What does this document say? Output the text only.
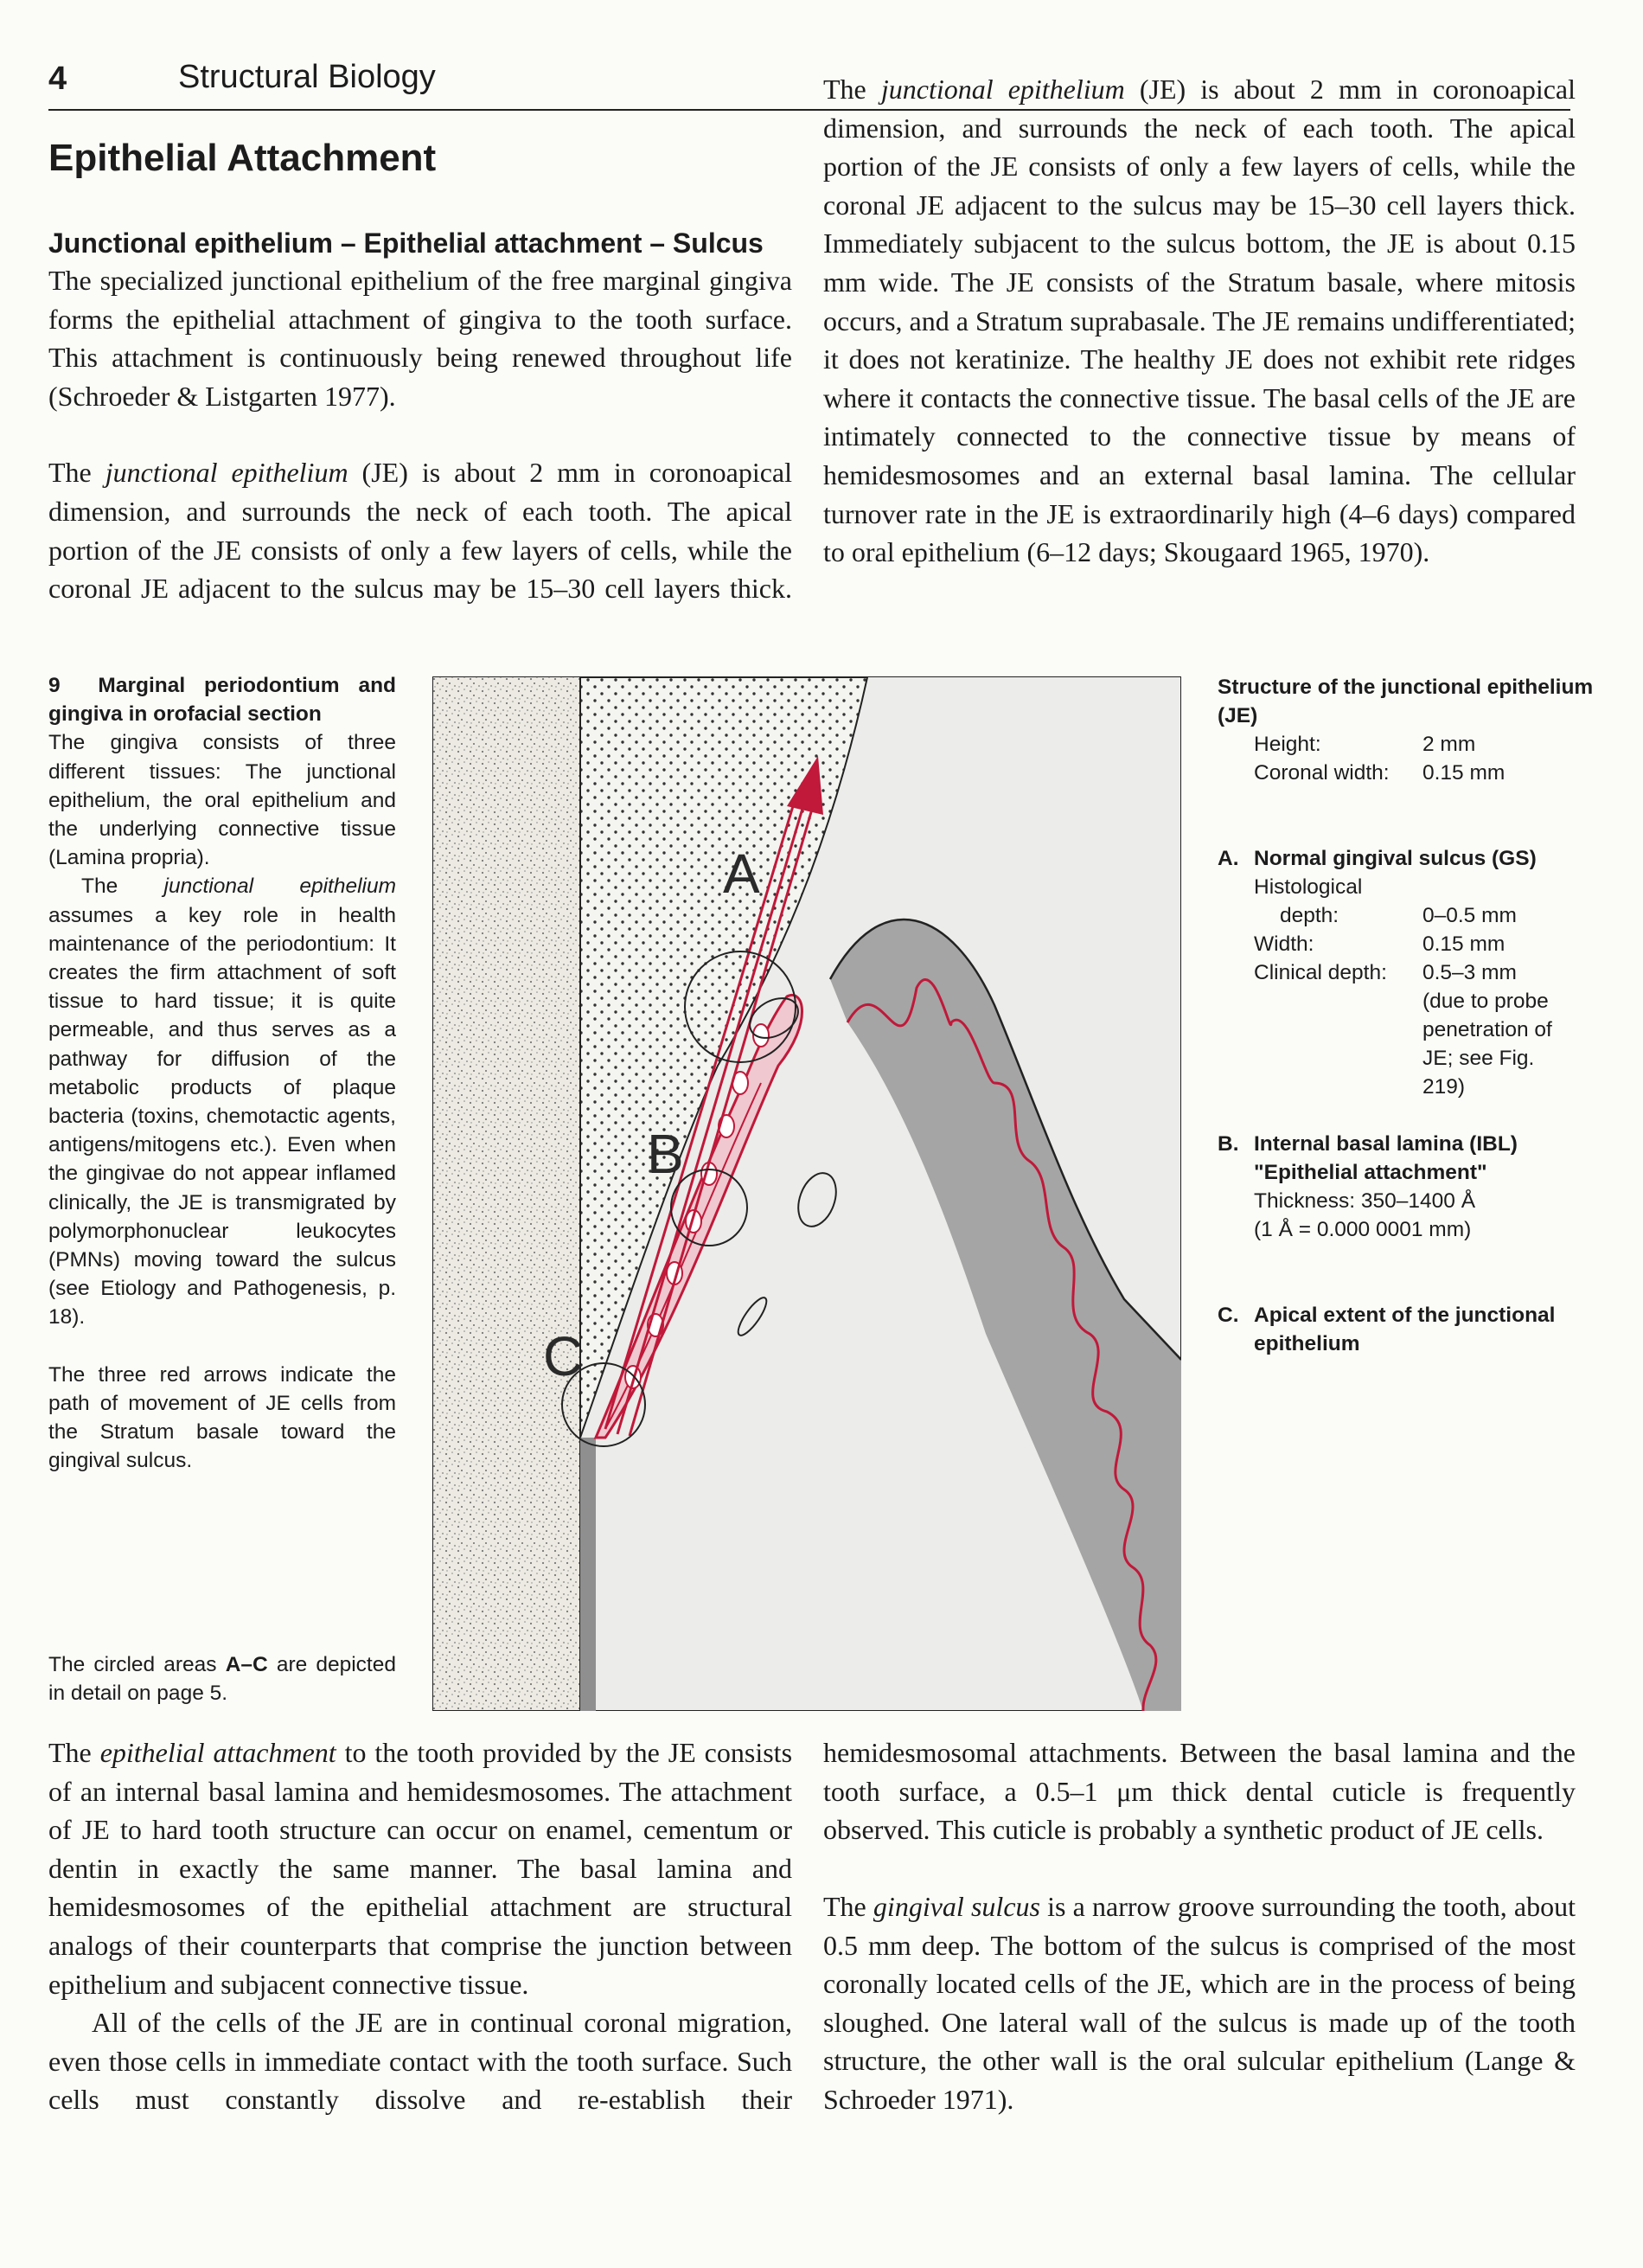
4	Structural Biology
Epithelial Attachment
Junctional epithelium – Epithelial attachment – Sulcus

The specialized junctional epithelium of the free marginal gingiva forms the epithelial attachment of gingiva to the tooth surface. This attachment is continuously being renewed throughout life (Schroeder & Listgarten 1977).

The junctional epithelium (JE) is about 2 mm in coronoapical dimension, and surrounds the neck of each tooth. The apical portion of the JE consists of only a few layers of cells, while the coronal JE adjacent to the sulcus may be 15–30 cell layers thick.

The junctional epithelium (JE) is about 2 mm in coronoapical dimension, and surrounds the neck of each tooth. The apical portion of the JE consists of only a few layers of cells, while the coronal JE adjacent to the sulcus may be 15–30 cell layers thick. Immediately subjacent to the sulcus bottom, the JE is about 0.15 mm wide. The JE consists of the Stratum basale, where mitosis occurs, and a Stratum suprabasale. The JE remains undifferentiated; it does not keratinize. The healthy JE does not exhibit rete ridges where it contacts the connective tissue. The basal cells of the JE are intimately connected to the connective tissue by means of hemidesmosomes and an external basal lamina. The cellular turnover rate in the JE is extraordinarily high (4–6 days) compared to oral epithelium (6–12 days; Skougaard 1965, 1970).

9 Marginal periodontium and gingiva in orofacial section
The gingiva consists of three different tissues: The junctional epithelium, the oral epithelium and the underlying connective tissue (Lamina propria).
The junctional epithelium assumes a key role in health maintenance of the periodontium: It creates the firm attachment of soft tissue to hard tissue; it is quite permeable, and thus serves as a pathway for diffusion of the metabolic products of plaque bacteria (toxins, chemotactic agents, antigens/mitogens etc.). Even when the gingivae do not appear inflamed clinically, the JE is transmigrated by polymorphonuclear leukocytes (PMNs) moving toward the sulcus (see Etiology and Pathogenesis, p. 18).
The three red arrows indicate the path of movement of JE cells from the Stratum basale toward the gingival sulcus.
The circled areas A–C are depicted in detail on page 5.
A
B
C
Structure of the junctional epithelium (JE)
Height:	2 mm
Coronal width:	0.15 mm
A. Normal gingival sulcus (GS)
Histological
depth:	0–0.5 mm
Width:	0.15 mm
Clinical depth:	0.5–3 mm
(due to probe penetration of JE; see Fig. 219)
B. Internal basal lamina (IBL) "Epithelial attachment"
Thickness: 350–1400 Å
(1 Å = 0.000 0001 mm)
C. Apical extent of the junctional epithelium

The epithelial attachment to the tooth provided by the JE consists of an internal basal lamina and hemidesmosomes. The attachment of JE to hard tooth structure can occur on enamel, cementum or dentin in exactly the same manner. The basal lamina and hemidesmosomes of the epithelial attachment are structural analogs of their counterparts that comprise the junction between epithelium and subjacent connective tissue.

All of the cells of the JE are in continual coronal migration, even those cells in immediate contact with the tooth surface. Such cells must constantly dissolve and re-establish their

hemidesmosomal attachments. Between the basal lamina and the tooth surface, a 0.5–1 μm thick dental cuticle is frequently observed. This cuticle is probably a synthetic product of JE cells.

The gingival sulcus is a narrow groove surrounding the tooth, about 0.5 mm deep. The bottom of the sulcus is comprised of the most coronally located cells of the JE, which are in the process of being sloughed. One lateral wall of the sulcus is made up of the tooth structure, the other wall is the oral sulcular epithelium (Lange & Schroeder 1971).
